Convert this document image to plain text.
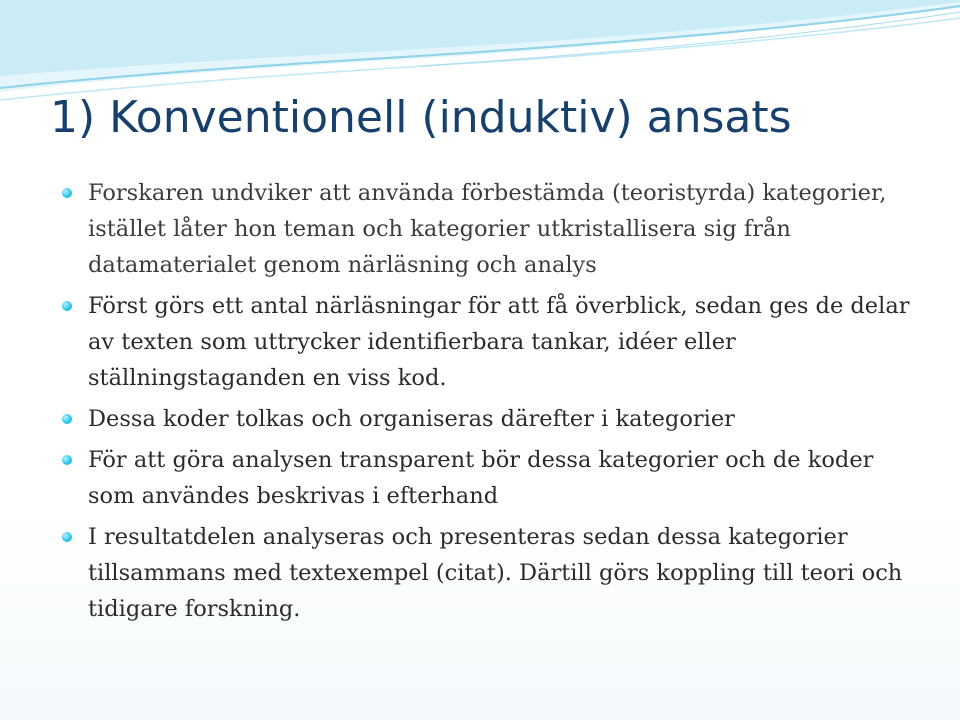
1) Konventionell (induktiv) ansats
Forskaren undviker att använda förbestämda (teoristyrda) kategorier, istället låter hon teman och kategorier utkristallisera sig från datamaterialet genom närläsning och analys
Först görs ett antal närläsningar för att få överblick, sedan ges de delar av texten som uttrycker identifierbara tankar, idéer eller ställningstaganden en viss kod.
Dessa koder tolkas och organiseras därefter i kategorier
För att göra analysen transparent bör dessa kategorier och de koder som användes beskrivas i efterhand
I resultatdelen analyseras och presenteras sedan dessa kategorier tillsammans med textexempel (citat). Därtill görs koppling till teori och tidigare forskning.
